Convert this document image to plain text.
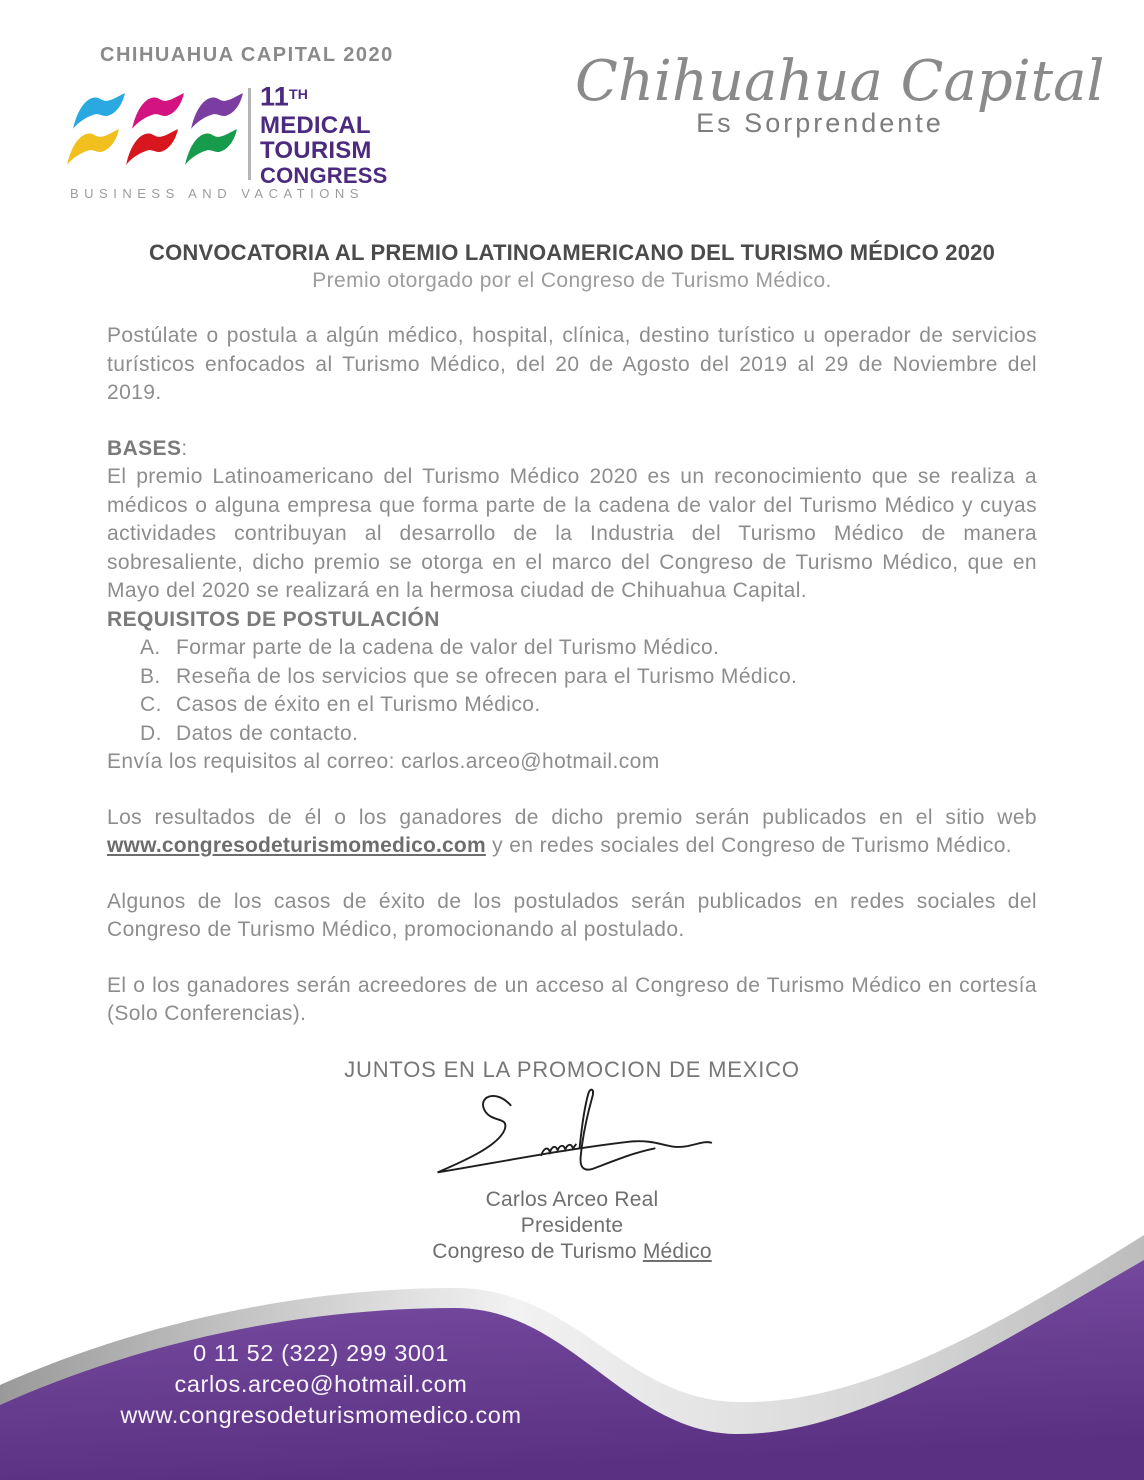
CHIHUAHUA CAPITAL 2020
11TH
MEDICAL
TOURISM
CONGRESS
BUSINESS AND VACATIONS
Chihuahua Capital
Es Sorprendente
CONVOCATORIA AL PREMIO LATINOAMERICANO DEL TURISMO MÉDICO 2020
Premio otorgado por el Congreso de Turismo Médico.

Postúlate o postula a algún médico, hospital, clínica, destino turístico u operador de servicios turísticos enfocados al Turismo Médico, del 20 de Agosto del 2019 al 29 de Noviembre del 2019.

BASES:
El premio Latinoamericano del Turismo Médico 2020 es un reconocimiento que se realiza a médicos o alguna empresa que forma parte de la cadena de valor del Turismo Médico y cuyas actividades contribuyan al desarrollo de la Industria del Turismo Médico de manera sobresaliente, dicho premio se otorga en el marco del Congreso de Turismo Médico, que en Mayo del 2020 se realizará en la hermosa ciudad de Chihuahua Capital.

REQUISITOS DE POSTULACIÓN
A. Formar parte de la cadena de valor del Turismo Médico.
B. Reseña de los servicios que se ofrecen para el Turismo Médico.
C. Casos de éxito en el Turismo Médico.
D. Datos de contacto.
Envía los requisitos al correo: carlos.arceo@hotmail.com

Los resultados de él o los ganadores de dicho premio serán publicados en el sitio web www.congresodeturismomedico.com y en redes sociales del Congreso de Turismo Médico.

Algunos de los casos de éxito de los postulados serán publicados en redes sociales del Congreso de Turismo Médico, promocionando al postulado.

El o los ganadores serán acreedores de un acceso al Congreso de Turismo Médico en cortesía (Solo Conferencias).

JUNTOS EN LA PROMOCION DE MEXICO
Carlos Arceo Real
Presidente
Congreso de Turismo Médico
0 11 52 (322) 299 3001
carlos.arceo@hotmail.com
www.congresodeturismomedico.com
